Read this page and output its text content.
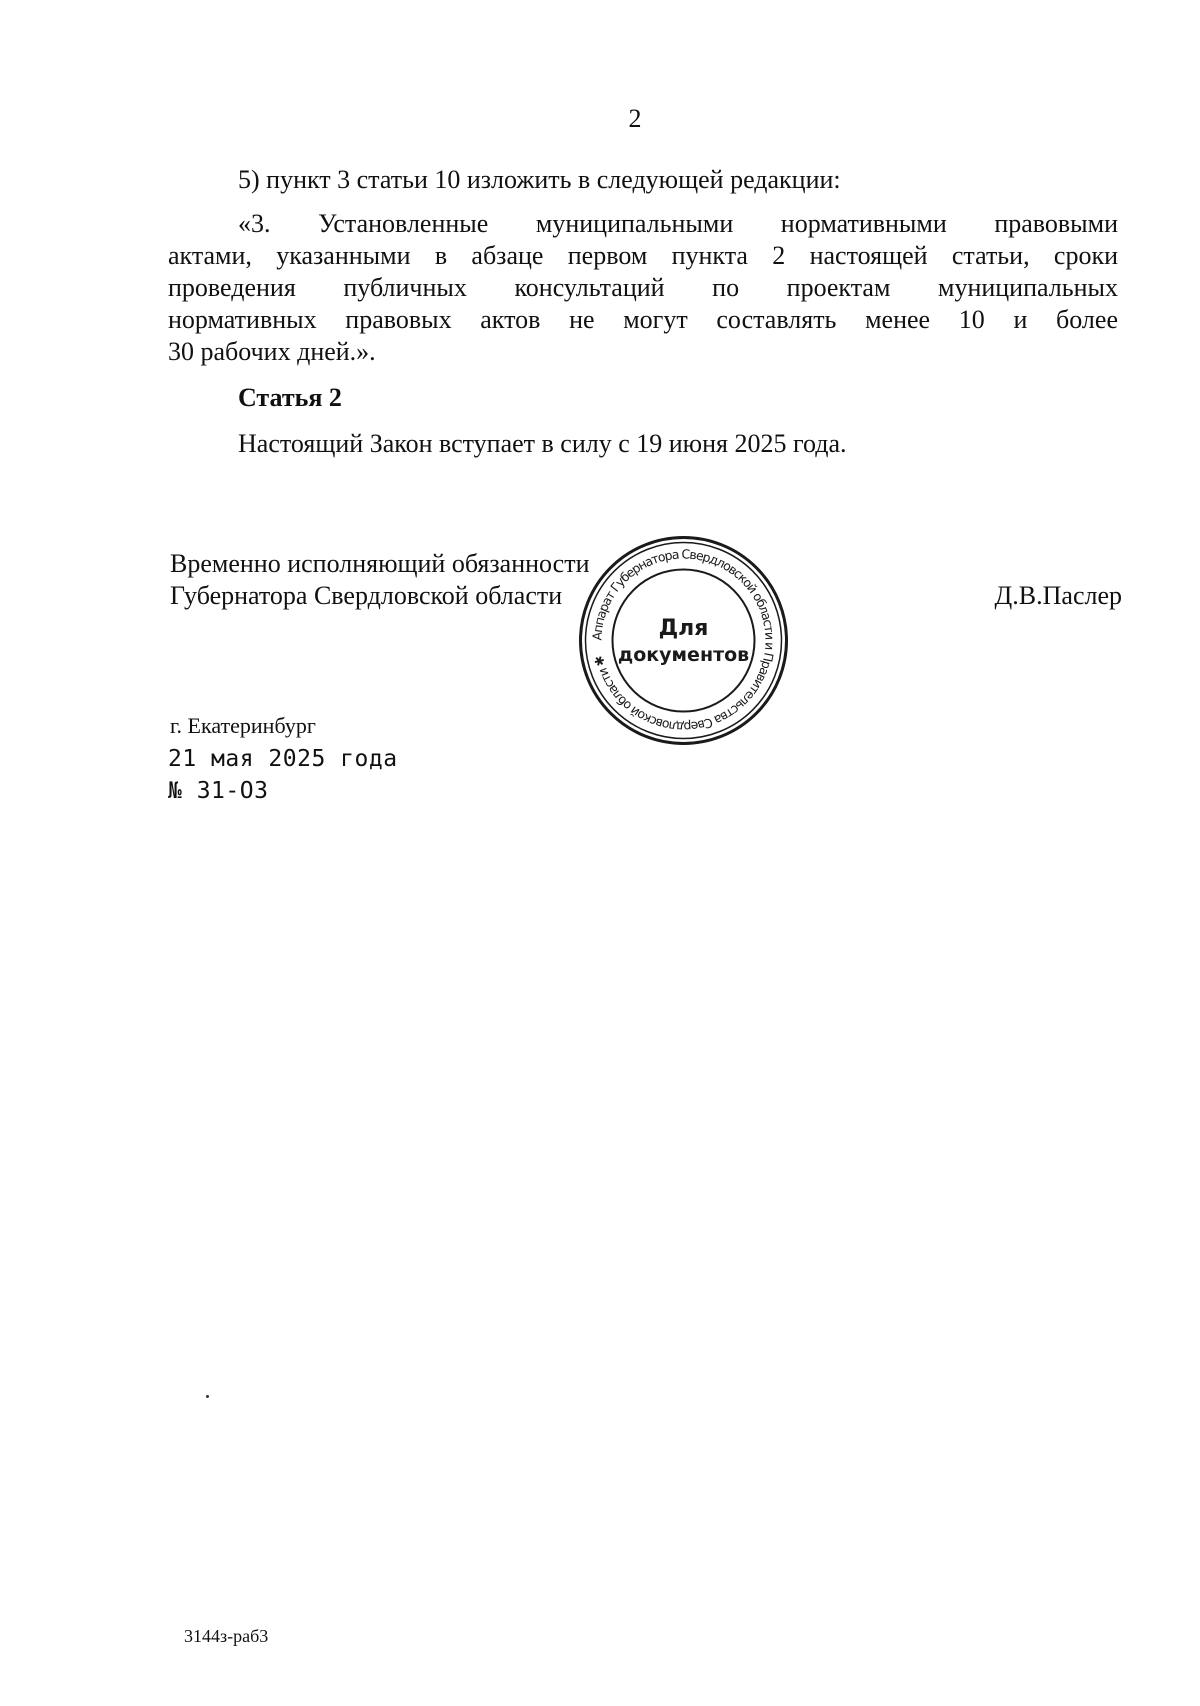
2
5) пункт 3 статьи 10 изложить в следующей редакции:
«3. Установленные муниципальными нормативными правовыми
актами, указанными в абзаце первом пункта 2 настоящей статьи, сроки
проведения публичных консультаций по проектам муниципальных
нормативных правовых актов не могут составлять менее 10 и более
30 рабочих дней.».
Статья 2
Настоящий Закон вступает в силу с 19 июня 2025 года.
Временно исполняющий обязанности
Губернатора Свердловской области	Д.В.Паслер
Аппарат Губернатора Свердловской области и Правительства Свердловской области ✱
Для
документов
г. Екатеринбург
21 мая 2025 года
№ 31-ОЗ
3144з-раб3
